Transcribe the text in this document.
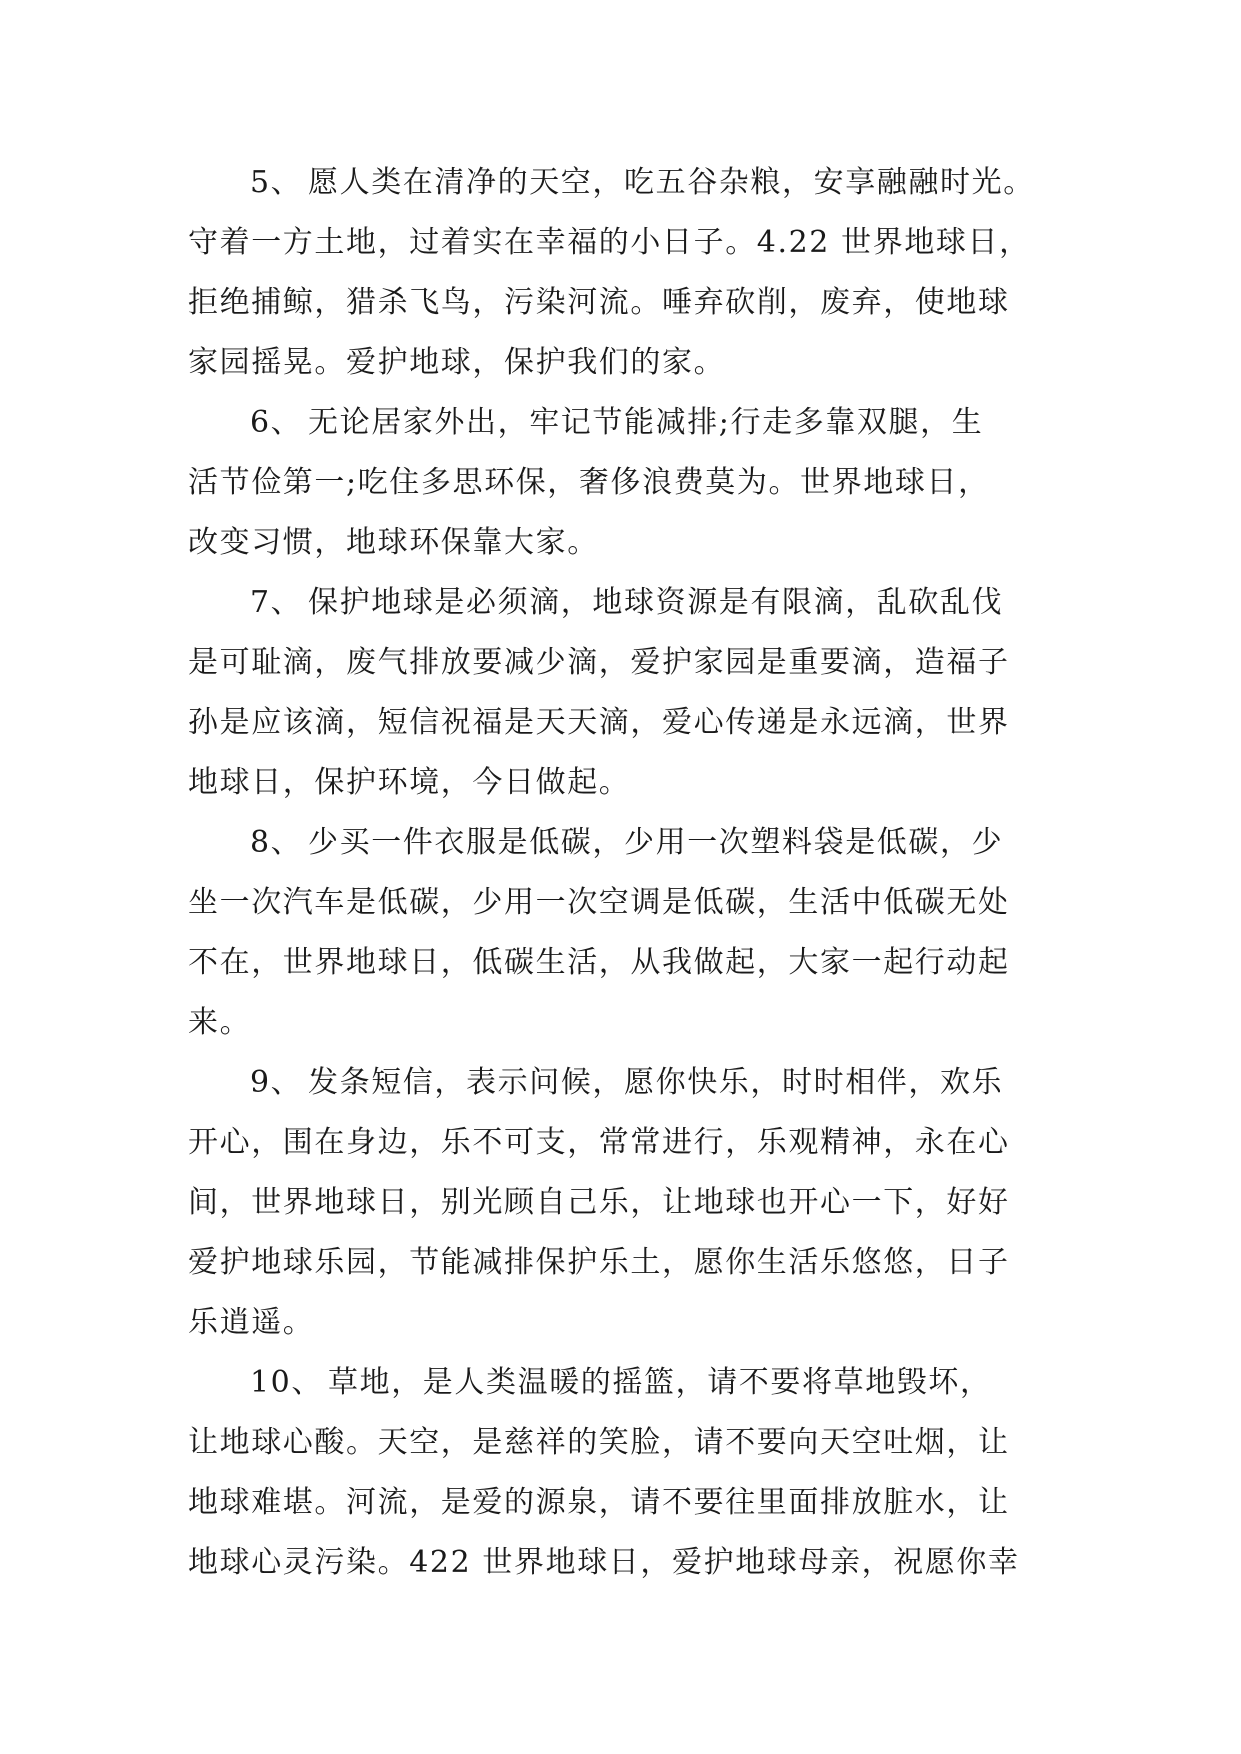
5、 愿人类在清净的天空，吃五谷杂粮，安享融融时光。
守着一方土地，过着实在幸福的小日子。4.22 世界地球日，
拒绝捕鲸，猎杀飞鸟，污染河流。唾弃砍削，废弃，使地球
家园摇晃。爱护地球，保护我们的家。
6、 无论居家外出，牢记节能减排;行走多靠双腿，生
活节俭第一;吃住多思环保，奢侈浪费莫为。世界地球日，
改变习惯，地球环保靠大家。
7、 保护地球是必须滴，地球资源是有限滴，乱砍乱伐
是可耻滴，废气排放要减少滴，爱护家园是重要滴，造福子
孙是应该滴，短信祝福是天天滴，爱心传递是永远滴，世界
地球日，保护环境，今日做起。
8、 少买一件衣服是低碳，少用一次塑料袋是低碳，少
坐一次汽车是低碳，少用一次空调是低碳，生活中低碳无处
不在，世界地球日，低碳生活，从我做起，大家一起行动起
来。
9、 发条短信，表示问候，愿你快乐，时时相伴，欢乐
开心，围在身边，乐不可支，常常进行，乐观精神，永在心
间，世界地球日，别光顾自己乐，让地球也开心一下，好好
爱护地球乐园，节能减排保护乐土，愿你生活乐悠悠，日子
乐逍遥。
10、 草地，是人类温暖的摇篮，请不要将草地毁坏，
让地球心酸。天空，是慈祥的笑脸，请不要向天空吐烟，让
地球难堪。河流，是爱的源泉，请不要往里面排放脏水，让
地球心灵污染。422 世界地球日，爱护地球母亲，祝愿你幸
